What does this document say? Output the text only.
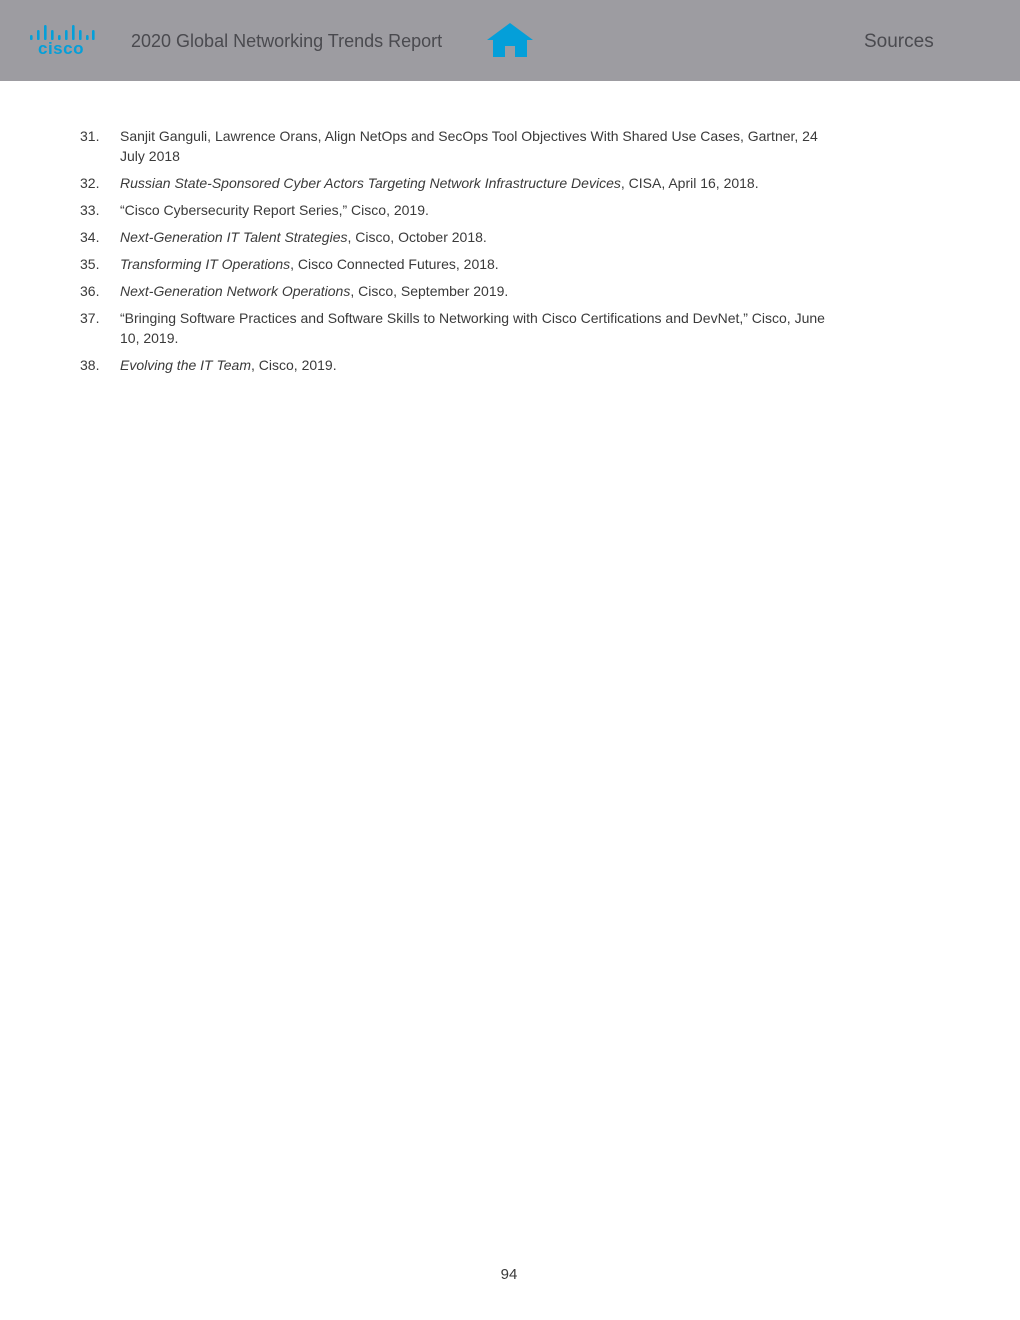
cisco	2020 Global Networking Trends Report	Sources
31. Sanjit Ganguli, Lawrence Orans, Align NetOps and SecOps Tool Objectives With Shared Use Cases, Gartner, 24 July 2018
32. Russian State-Sponsored Cyber Actors Targeting Network Infrastructure Devices, CISA, April 16, 2018.
33. “Cisco Cybersecurity Report Series,” Cisco, 2019.
34. Next-Generation IT Talent Strategies, Cisco, October 2018.
35. Transforming IT Operations, Cisco Connected Futures, 2018.
36. Next-Generation Network Operations, Cisco, September 2019.
37. “Bringing Software Practices and Software Skills to Networking with Cisco Certifications and DevNet,” Cisco, June 10, 2019.
38. Evolving the IT Team, Cisco, 2019.
94
